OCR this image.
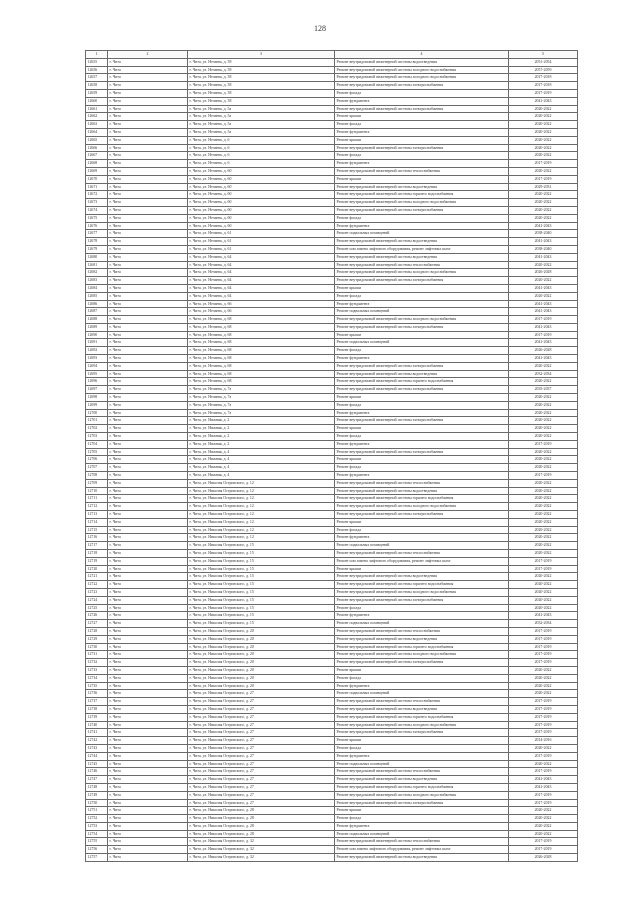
128
1	2	3	4	5
12655	г. Чита	г. Чита, ул. Нечаева, д. 58	Ремонт внутридомовой инженерной системы водоотведения	2051-2054
12656	г. Чита	г. Чита, ул. Нечаева, д. 58	Ремонт внутридомовой инженерной системы холодного водоснабжения	2057-2059
12657	г. Чита	г. Чита, ул. Нечаева, д. 58	Ремонт внутридомовой инженерной системы холодного водоснабжения	2017-2018
12658	г. Чита	г. Чита, ул. Нечаева, д. 58	Ремонт внутридомовой инженерной системы электроснабжения	2017-2018
12659	г. Чита	г. Чита, ул. Нечаева, д. 58	Ремонт фасада	2017-2019
12660	г. Чита	г. Чита, ул. Нечаева, д. 58	Ремонт фундамента	2041-2043
12661	г. Чита	г. Чита, ул. Нечаева, д. 5а	Ремонт внутридомовой инженерной системы электроснабжения	2020-2022
12662	г. Чита	г. Чита, ул. Нечаева, д. 5а	Ремонт крыши	2020-2022
12663	г. Чита	г. Чита, ул. Нечаева, д. 5а	Ремонт фасада	2020-2022
12664	г. Чита	г. Чита, ул. Нечаева, д. 5а	Ремонт фундамента	2020-2022
12665	г. Чита	г. Чита, ул. Нечаева, д. 6	Ремонт крыши	2020-2022
12666	г. Чита	г. Чита, ул. Нечаева, д. 6	Ремонт внутридомовой инженерной системы электроснабжения	2020-2022
12667	г. Чита	г. Чита, ул. Нечаева, д. 6	Ремонт фасада	2020-2022
12668	г. Чита	г. Чита, ул. Нечаева, д. 6	Ремонт фундамента	2017-2019
12669	г. Чита	г. Чита, ул. Нечаева, д. 60	Ремонт внутридомовой инженерной системы теплоснабжения	2020-2022
12670	г. Чита	г. Чита, ул. Нечаева, д. 60	Ремонт крыши	2017-2019
12671	г. Чита	г. Чита, ул. Нечаева, д. 60	Ремонт внутридомовой инженерной системы водоотведения	2029-2031
12672	г. Чита	г. Чита, ул. Нечаева, д. 60	Ремонт внутридомовой инженерной системы горячего водоснабжения	2020-2022
12673	г. Чита	г. Чита, ул. Нечаева, д. 60	Ремонт внутридомовой инженерной системы холодного водоснабжения	2020-2022
12674	г. Чита	г. Чита, ул. Нечаева, д. 60	Ремонт внутридомовой инженерной системы электроснабжения	2020-2022
12675	г. Чита	г. Чита, ул. Нечаева, д. 60	Ремонт фасада	2020-2022
12676	г. Чита	г. Чита, ул. Нечаева, д. 60	Ремонт фундамента	2041-2043
12677	г. Чита	г. Чита, ул. Нечаева, д. 61	Ремонт подвальных помещений	2038-2040
12678	г. Чита	г. Чита, ул. Нечаева, д. 61	Ремонт внутридомовой инженерной системы водоотведения	2041-2043
12679	г. Чита	г. Чита, ул. Нечаева, д. 61	Ремонт или замена лифтового оборудования, ремонт лифтовых шахт	2038-2040
12680	г. Чита	г. Чита, ул. Нечаева, д. 64	Ремонт внутридомовой инженерной системы водоотведения	2041-2043
12681	г. Чита	г. Чита, ул. Нечаева, д. 64	Ремонт внутридомовой инженерной системы теплоснабжения	2020-2022
12682	г. Чита	г. Чита, ул. Нечаева, д. 64	Ремонт внутридомовой инженерной системы холодного водоснабжения	2026-2028
12683	г. Чита	г. Чита, ул. Нечаева, д. 64	Ремонт внутридомовой инженерной системы электроснабжения	2020-2022
12684	г. Чита	г. Чита, ул. Нечаева, д. 64	Ремонт крыши	2041-2043
12685	г. Чита	г. Чита, ул. Нечаева, д. 64	Ремонт фасада	2020-2022
12686	г. Чита	г. Чита, ул. Нечаева, д. 66	Ремонт фундамента	2041-2043
12687	г. Чита	г. Чита, ул. Нечаева, д. 66	Ремонт подвальных помещений	2041-2043
12688	г. Чита	г. Чита, ул. Нечаева, д. 68	Ремонт внутридомовой инженерной системы холодного водоснабжения	2017-2019
12689	г. Чита	г. Чита, ул. Нечаева, д. 68	Ремонт внутридомовой инженерной системы электроснабжения	2041-2043
12690	г. Чита	г. Чита, ул. Нечаева, д. 68	Ремонт крыши	2017-2019
12691	г. Чита	г. Чита, ул. Нечаева, д. 68	Ремонт подвальных помещений	2041-2043
12692	г. Чита	г. Чита, ул. Нечаева, д. 68	Ремонт фасада	2026-2028
12693	г. Чита	г. Чита, ул. Нечаева, д. 68	Ремонт фундамента	2041-2043
12694	г. Чита	г. Чита, ул. Нечаева, д. 68	Ремонт внутридомовой инженерной системы электроснабжения	2020-2022
12695	г. Чита	г. Чита, ул. Нечаева, д. 68	Ремонт внутридомовой инженерной системы водоотведения	2032-2034
12696	г. Чита	г. Чита, ул. Нечаева, д. 68	Ремонт внутридомовой инженерной системы горячего водоснабжения	2020-2022
12697	г. Чита	г. Чита, ул. Нечаева, д. 7а	Ремонт внутридомовой инженерной системы электроснабжения	2035-2037
12698	г. Чита	г. Чита, ул. Нечаева, д. 7а	Ремонт крыши	2020-2022
12699	г. Чита	г. Чита, ул. Нечаева, д. 7а	Ремонт фасада	2020-2022
12700	г. Чита	г. Чита, ул. Нечаева, д. 7а	Ремонт фундамента	2020-2022
12701	г. Чита	г. Чита, ул. Нижняя, д. 2	Ремонт внутридомовой инженерной системы электроснабжения	2020-2022
12702	г. Чита	г. Чита, ул. Нижняя, д. 2	Ремонт крыши	2020-2022
12703	г. Чита	г. Чита, ул. Нижняя, д. 2	Ремонт фасада	2020-2022
12704	г. Чита	г. Чита, ул. Нижняя, д. 2	Ремонт фундамента	2017-2019
12705	г. Чита	г. Чита, ул. Нижняя, д. 4	Ремонт внутридомовой инженерной системы электроснабжения	2020-2022
12706	г. Чита	г. Чита, ул. Нижняя, д. 4	Ремонт крыши	2020-2022
12707	г. Чита	г. Чита, ул. Нижняя, д. 4	Ремонт фасада	2020-2022
12708	г. Чита	г. Чита, ул. Нижняя, д. 4	Ремонт фундамента	2017-2019
12709	г. Чита	г. Чита, ул. Николая Островского, д. 12	Ремонт внутридомовой инженерной системы теплоснабжения	2020-2022
12710	г. Чита	г. Чита, ул. Николая Островского, д. 12	Ремонт внутридомовой инженерной системы водоотведения	2020-2022
12711	г. Чита	г. Чита, ул. Николая Островского, д. 12	Ремонт внутридомовой инженерной системы горячего водоснабжения	2020-2022
12712	г. Чита	г. Чита, ул. Николая Островского, д. 12	Ремонт внутридомовой инженерной системы холодного водоснабжения	2020-2022
12713	г. Чита	г. Чита, ул. Николая Островского, д. 12	Ремонт внутридомовой инженерной системы электроснабжения	2020-2022
12714	г. Чита	г. Чита, ул. Николая Островского, д. 12	Ремонт крыши	2020-2022
12715	г. Чита	г. Чита, ул. Николая Островского, д. 12	Ремонт фасада	2020-2022
12716	г. Чита	г. Чита, ул. Николая Островского, д. 12	Ремонт фундамента	2020-2022
12717	г. Чита	г. Чита, ул. Николая Островского, д. 15	Ремонт подвальных помещений	2020-2022
12718	г. Чита	г. Чита, ул. Николая Островского, д. 15	Ремонт внутридомовой инженерной системы теплоснабжения	2020-2022
12719	г. Чита	г. Чита, ул. Николая Островского, д. 15	Ремонт или замена лифтового оборудования, ремонт лифтовых шахт	2017-2019
12720	г. Чита	г. Чита, ул. Николая Островского, д. 15	Ремонт крыши	2017-2019
12721	г. Чита	г. Чита, ул. Николая Островского, д. 15	Ремонт внутридомовой инженерной системы водоотведения	2020-2022
12722	г. Чита	г. Чита, ул. Николая Островского, д. 15	Ремонт внутридомовой инженерной системы горячего водоснабжения	2020-2022
12723	г. Чита	г. Чита, ул. Николая Островского, д. 15	Ремонт внутридомовой инженерной системы холодного водоснабжения	2020-2022
12724	г. Чита	г. Чита, ул. Николая Островского, д. 15	Ремонт внутридомовой инженерной системы электроснабжения	2020-2022
12725	г. Чита	г. Чита, ул. Николая Островского, д. 15	Ремонт фасада	2020-2022
12726	г. Чита	г. Чита, ул. Николая Островского, д. 15	Ремонт фундамента	2041-2043
12727	г. Чита	г. Чита, ул. Николая Островского, д. 15	Ремонт подвальных помещений	2032-2034
12728	г. Чита	г. Чита, ул. Николая Островского, д. 20	Ремонт внутридомовой инженерной системы теплоснабжения	2017-2019
12729	г. Чита	г. Чита, ул. Николая Островского, д. 20	Ремонт внутридомовой инженерной системы водоотведения	2017-2019
12730	г. Чита	г. Чита, ул. Николая Островского, д. 20	Ремонт внутридомовой инженерной системы горячего водоснабжения	2017-2019
12731	г. Чита	г. Чита, ул. Николая Островского, д. 20	Ремонт внутридомовой инженерной системы холодного водоснабжения	2017-2019
12732	г. Чита	г. Чита, ул. Николая Островского, д. 20	Ремонт внутридомовой инженерной системы электроснабжения	2017-2019
12733	г. Чита	г. Чита, ул. Николая Островского, д. 20	Ремонт крыши	2020-2022
12734	г. Чита	г. Чита, ул. Николая Островского, д. 20	Ремонт фасада	2020-2022
12735	г. Чита	г. Чита, ул. Николая Островского, д. 20	Ремонт фундамента	2020-2022
12736	г. Чита	г. Чита, ул. Николая Островского, д. 27	Ремонт подвальных помещений	2020-2022
12737	г. Чита	г. Чита, ул. Николая Островского, д. 27	Ремонт внутридомовой инженерной системы теплоснабжения	2017-2019
12738	г. Чита	г. Чита, ул. Николая Островского, д. 27	Ремонт внутридомовой инженерной системы водоотведения	2017-2019
12739	г. Чита	г. Чита, ул. Николая Островского, д. 27	Ремонт внутридомовой инженерной системы горячего водоснабжения	2017-2019
12740	г. Чита	г. Чита, ул. Николая Островского, д. 27	Ремонт внутридомовой инженерной системы холодного водоснабжения	2017-2019
12741	г. Чита	г. Чита, ул. Николая Островского, д. 27	Ремонт внутридомовой инженерной системы электроснабжения	2017-2019
12742	г. Чита	г. Чита, ул. Николая Островского, д. 27	Ремонт крыши	2014-2016
12743	г. Чита	г. Чита, ул. Николая Островского, д. 27	Ремонт фасада	2020-2022
12744	г. Чита	г. Чита, ул. Николая Островского, д. 27	Ремонт фундамента	2017-2019
12745	г. Чита	г. Чита, ул. Николая Островского, д. 27	Ремонт подвальных помещений	2020-2022
12746	г. Чита	г. Чита, ул. Николая Островского, д. 27	Ремонт внутридомовой инженерной системы теплоснабжения	2017-2019
12747	г. Чита	г. Чита, ул. Николая Островского, д. 27	Ремонт внутридомовой инженерной системы водоотведения	2041-2043
12748	г. Чита	г. Чита, ул. Николая Островского, д. 27	Ремонт внутридомовой инженерной системы горячего водоснабжения	2041-2043
12749	г. Чита	г. Чита, ул. Николая Островского, д. 27	Ремонт внутридомовой инженерной системы холодного водоснабжения	2017-2019
12750	г. Чита	г. Чита, ул. Николая Островского, д. 27	Ремонт внутридомовой инженерной системы электроснабжения	2017-2019
12751	г. Чита	г. Чита, ул. Николая Островского, д. 28	Ремонт крыши	2020-2022
12752	г. Чита	г. Чита, ул. Николая Островского, д. 28	Ремонт фасада	2020-2022
12753	г. Чита	г. Чита, ул. Николая Островского, д. 28	Ремонт фундамента	2020-2022
12754	г. Чита	г. Чита, ул. Николая Островского, д. 28	Ремонт подвальных помещений	2020-2022
12755	г. Чита	г. Чита, ул. Николая Островского, д. 32	Ремонт внутридомовой инженерной системы теплоснабжения	2017-2019
12756	г. Чита	г. Чита, ул. Николая Островского, д. 32	Ремонт или замена лифтового оборудования, ремонт лифтовых шахт	2017-2019
12757	г. Чита	г. Чита, ул. Николая Островского, д. 32	Ремонт внутридомовой инженерной системы водоотведения	2026-2028
